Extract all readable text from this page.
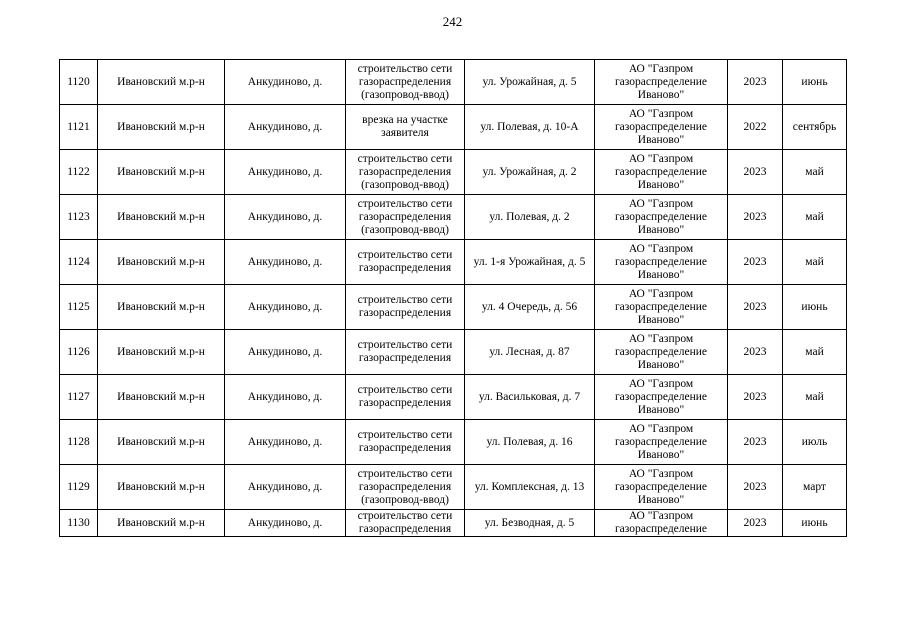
242
1120	Ивановский м.р-н	Анкудиново, д.	строительство сети газораспределения (газопровод-ввод)	ул. Урожайная, д. 5	АО "Газпром газораспределение Иваново"	2023	июнь
1121	Ивановский м.р-н	Анкудиново, д.	врезка на участке заявителя	ул. Полевая, д. 10-А	АО "Газпром газораспределение Иваново"	2022	сентябрь
1122	Ивановский м.р-н	Анкудиново, д.	строительство сети газораспределения (газопровод-ввод)	ул. Урожайная, д. 2	АО "Газпром газораспределение Иваново"	2023	май
1123	Ивановский м.р-н	Анкудиново, д.	строительство сети газораспределения (газопровод-ввод)	ул. Полевая, д. 2	АО "Газпром газораспределение Иваново"	2023	май
1124	Ивановский м.р-н	Анкудиново, д.	строительство сети газораспределения	ул. 1-я Урожайная, д. 5	АО "Газпром газораспределение Иваново"	2023	май
1125	Ивановский м.р-н	Анкудиново, д.	строительство сети газораспределения	ул. 4 Очередь, д. 56	АО "Газпром газораспределение Иваново"	2023	июнь
1126	Ивановский м.р-н	Анкудиново, д.	строительство сети газораспределения	ул. Лесная, д. 87	АО "Газпром газораспределение Иваново"	2023	май
1127	Ивановский м.р-н	Анкудиново, д.	строительство сети газораспределения	ул. Васильковая, д. 7	АО "Газпром газораспределение Иваново"	2023	май
1128	Ивановский м.р-н	Анкудиново, д.	строительство сети газораспределения	ул. Полевая, д. 16	АО "Газпром газораспределение Иваново"	2023	июль
1129	Ивановский м.р-н	Анкудиново, д.	строительство сети газораспределения (газопровод-ввод)	ул. Комплексная, д. 13	АО "Газпром газораспределение Иваново"	2023	март
1130	Ивановский м.р-н	Анкудиново, д.	строительство сети газораспределения	ул. Безводная, д. 5	АО "Газпром газораспределение	2023	июнь
